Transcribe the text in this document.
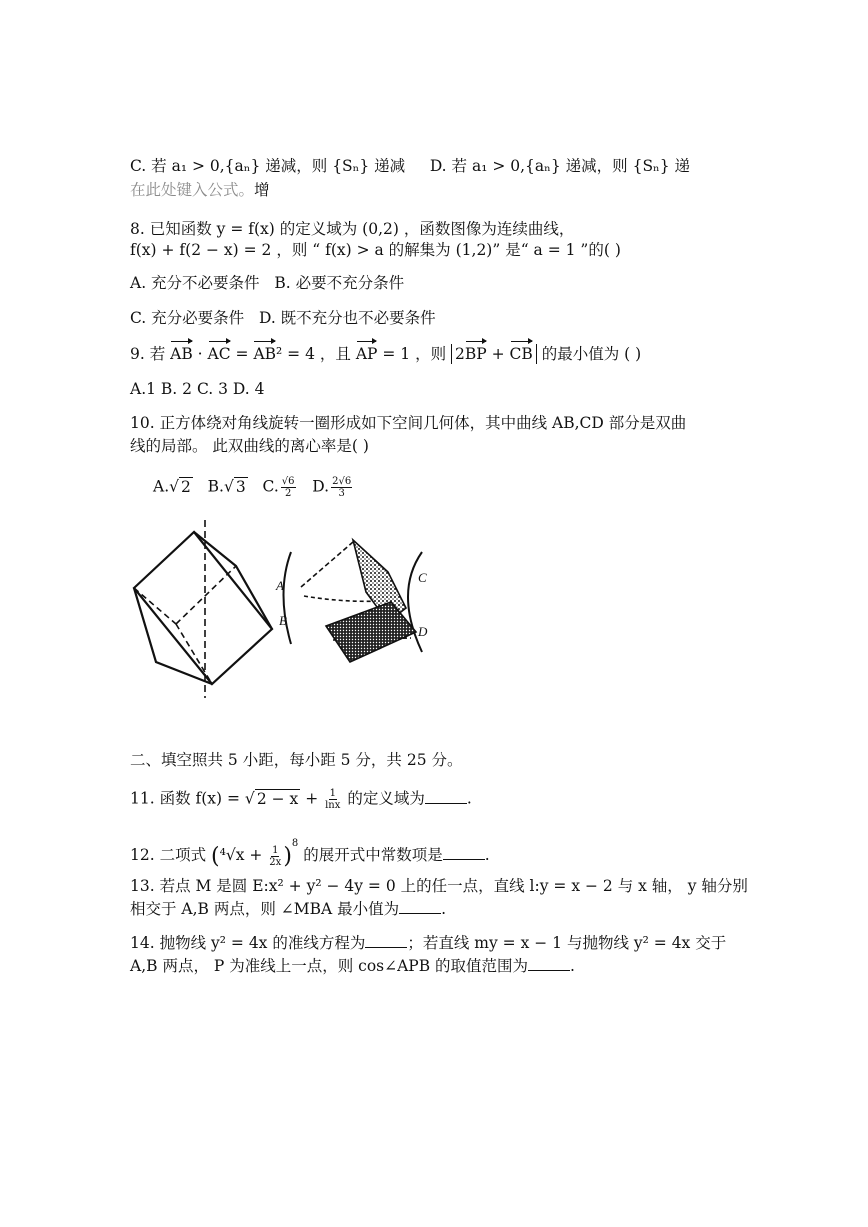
C. 若 a₁ > 0,{aₙ} 递减，则 {Sₙ} 递减 D. 若 a₁ > 0,{aₙ} 递减，则 {Sₙ} 递
在此处键入公式。增
8. 已知函数 y = f(x) 的定义域为 (0,2) ，函数图像为连续曲线，
f(x) + f(2 − x) = 2 ，则 “ f(x) > a 的解集为 (1,2)” 是“ a = 1 ”的( )
A. 充分不必要条件 B. 必要不充分条件
C. 充分必要条件 D. 既不充分也不必要条件
9. 若 AB · AC = AB² = 4 ，且 AP = 1 ，则 2BP + CB 的最小值为 ( )
A.1 B. 2 C. 3 D. 4
10. 正方体绕对角线旋转一圈形成如下空间几何体，其中曲线 AB,CD 部分是双曲
线的局部。 此双曲线的离心率是( )
A.√ 2 B.√ 3 C. $\frac{√6}{2} D$. $\frac{2√6}{3}$
A
B
C
D
二、填空照共 5 小距，每小距 5 分，共 25 分。
11. 函数 f(x) = √ $2 - x + \frac{1}{\ln x}$ 的定义域为	.
12. 二项式 $(^4√x + \frac{1}{2x} )^8$ 的展开式中常数项是	.
13. 若点 M 是圆 E:x² + y² − 4y = 0 上的任一点，直线 l:y = x − 2 与 x 轴， y 轴分别
相交于 A,B 两点，则 ∠MBA 最小值为	.
14. 抛物线 y² = 4x 的准线方程为	；若直线 my = x − 1 与抛物线 y² = 4x 交于
A,B 两点， P 为准线上一点，则 cos∠APB 的取值范围为	.
